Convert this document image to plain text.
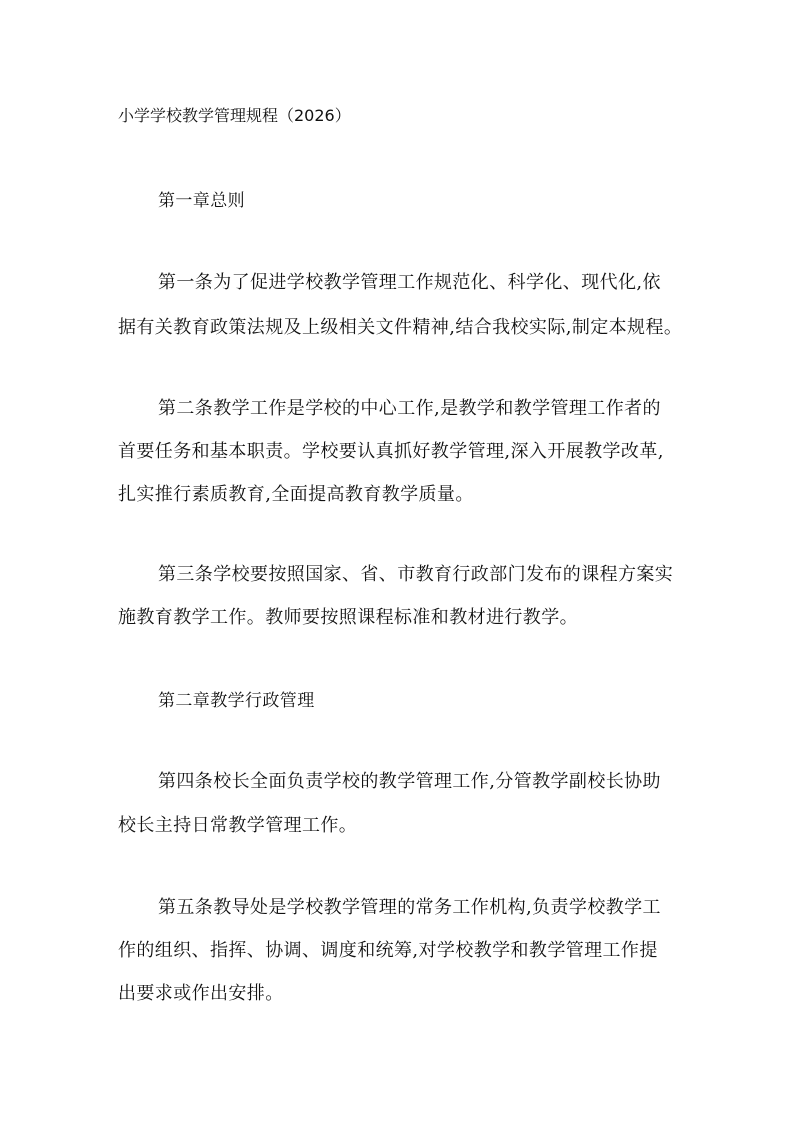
小学学校教学管理规程（2026）
第一章总则
第一条为了促进学校教学管理工作规范化、科学化、现代化,依
据有关教育政策法规及上级相关文件精神,结合我校实际,制定本规程。
第二条教学工作是学校的中心工作,是教学和教学管理工作者的
首要任务和基本职责。学校要认真抓好教学管理,深入开展教学改革,
扎实推行素质教育,全面提高教育教学质量。
第三条学校要按照国家、省、市教育行政部门发布的课程方案实
施教育教学工作。教师要按照课程标准和教材进行教学。
第二章教学行政管理
第四条校长全面负责学校的教学管理工作,分管教学副校长协助
校长主持日常教学管理工作。
第五条教导处是学校教学管理的常务工作机构,负责学校教学工
作的组织、指挥、协调、调度和统筹,对学校教学和教学管理工作提
出要求或作出安排。
